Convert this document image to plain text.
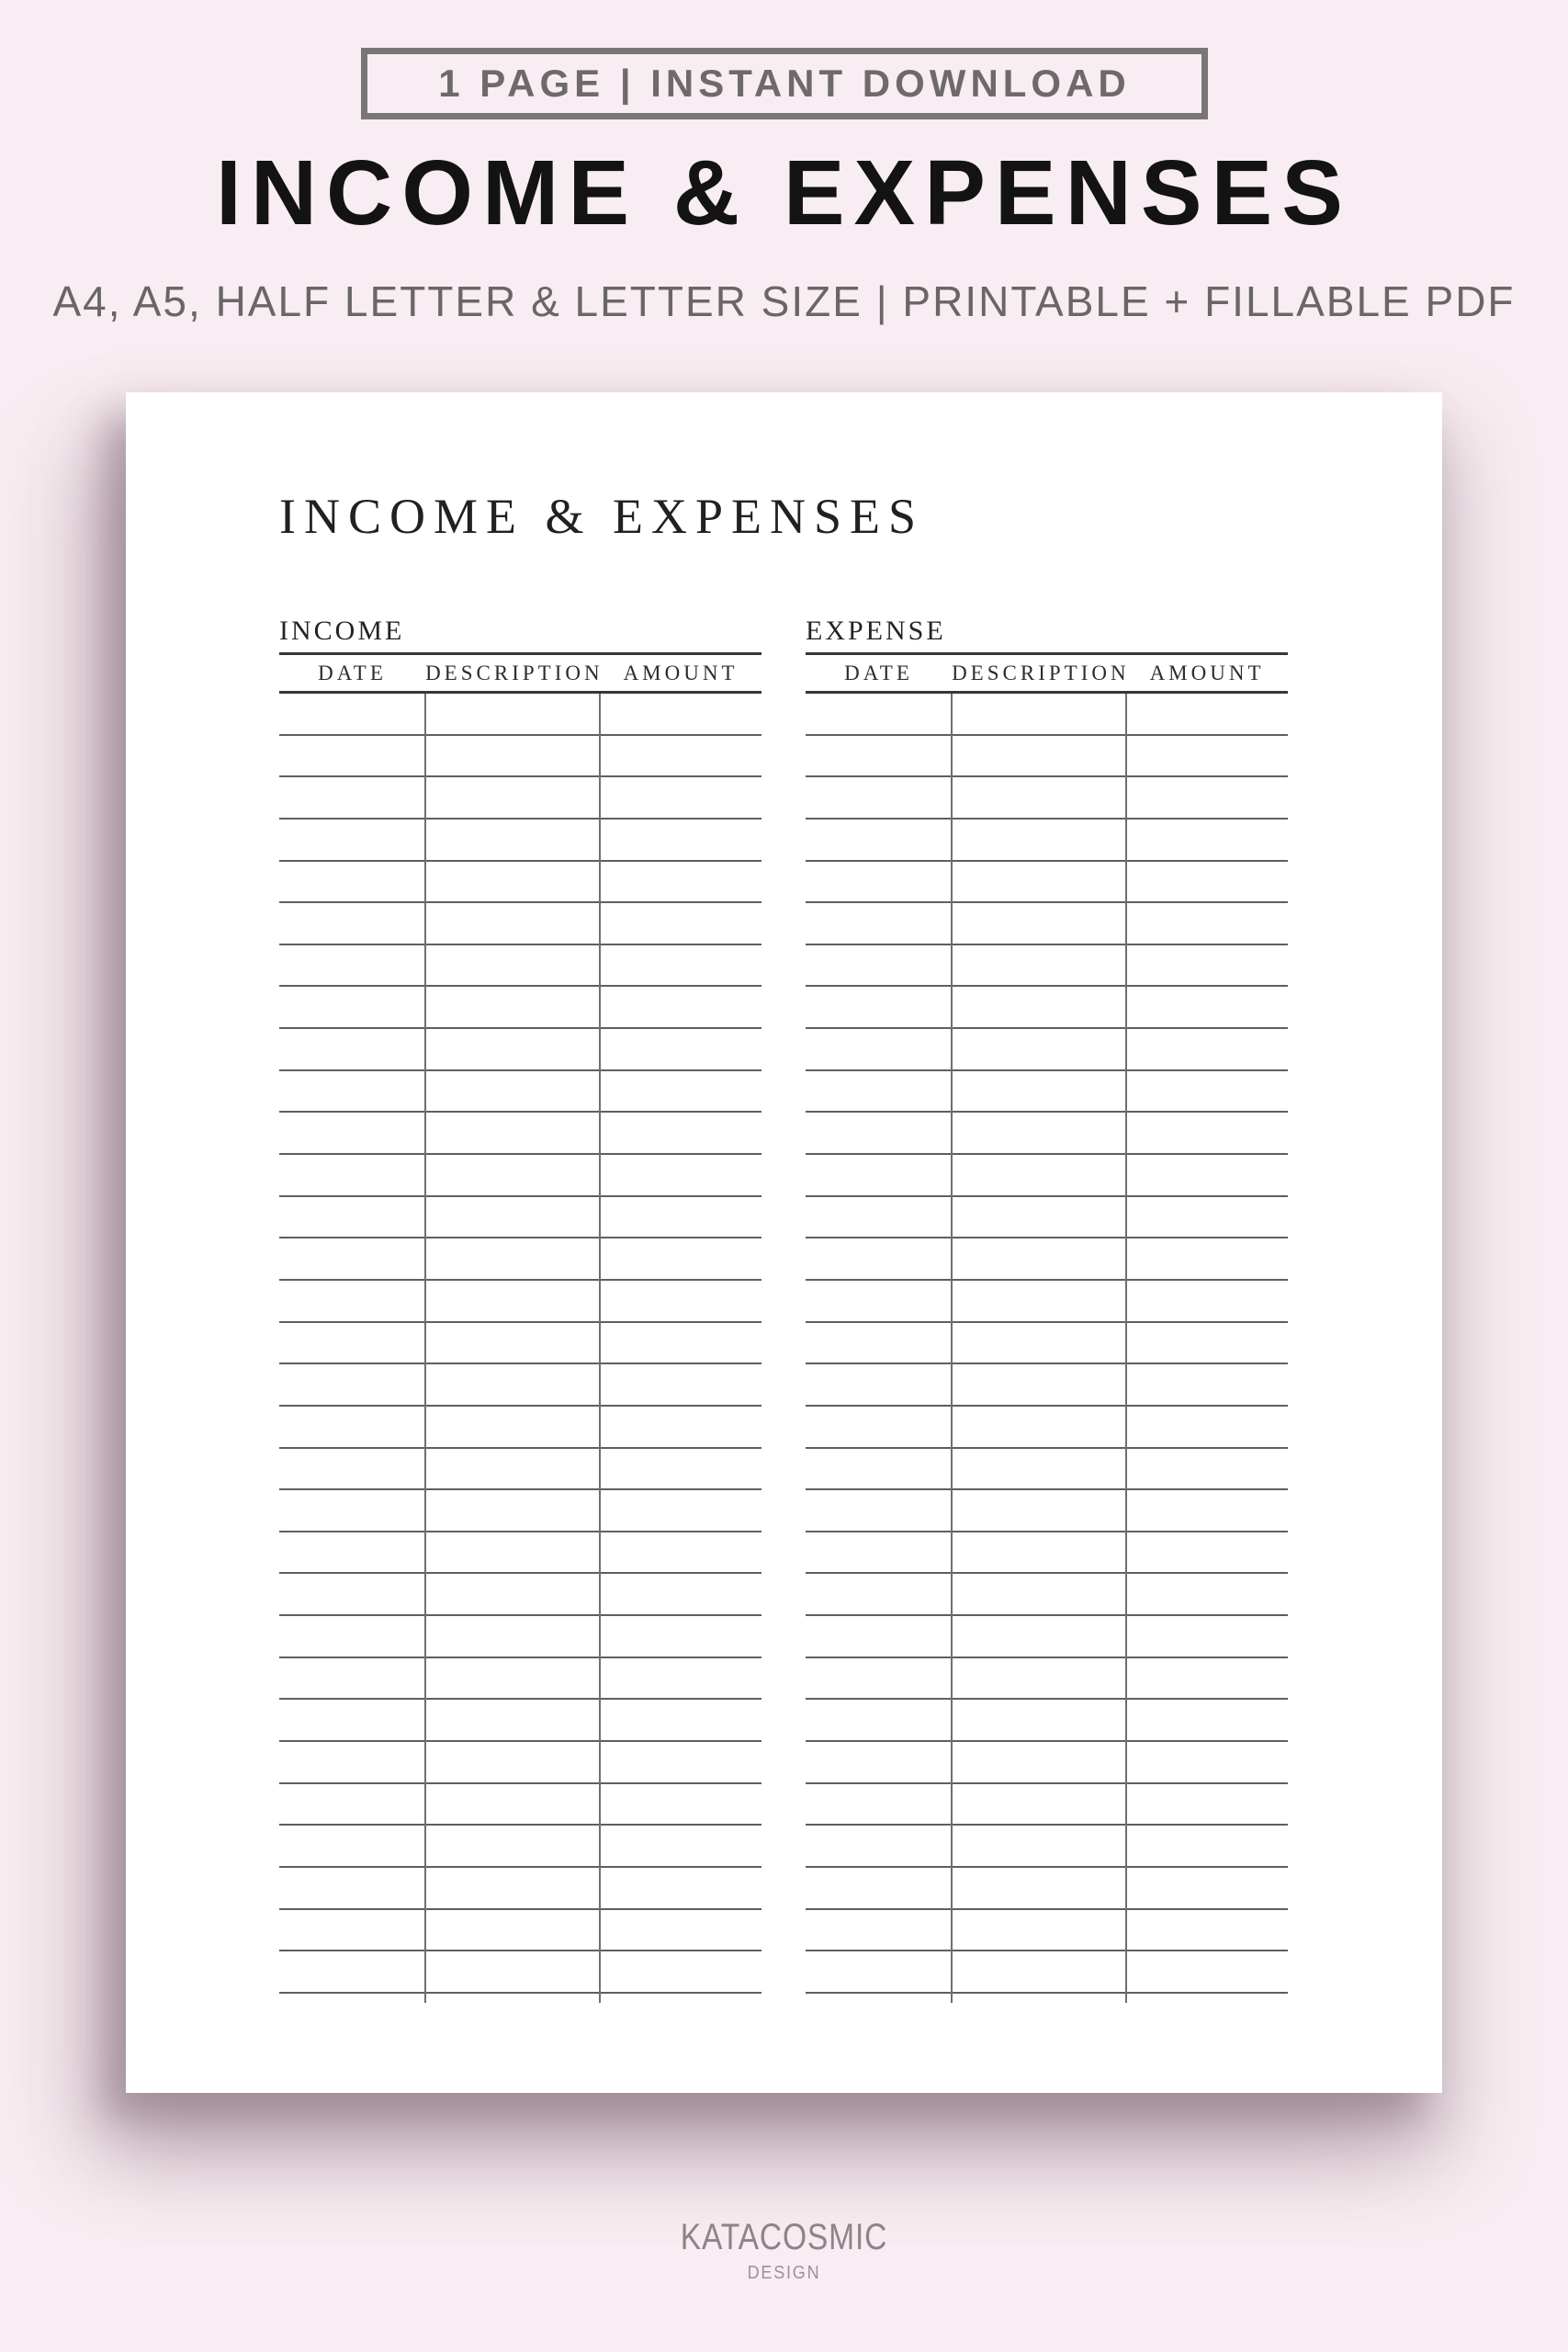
1 PAGE | INSTANT DOWNLOAD
INCOME & EXPENSES
A4, A5, HALF LETTER & LETTER SIZE | PRINTABLE + FILLABLE PDF
INCOME & EXPENSES
INCOME
DATE	DESCRIPTION AMOUNT
EXPENSE
DATE	DESCRIPTION AMOUNT
KATACOSMIC
DESIGN
